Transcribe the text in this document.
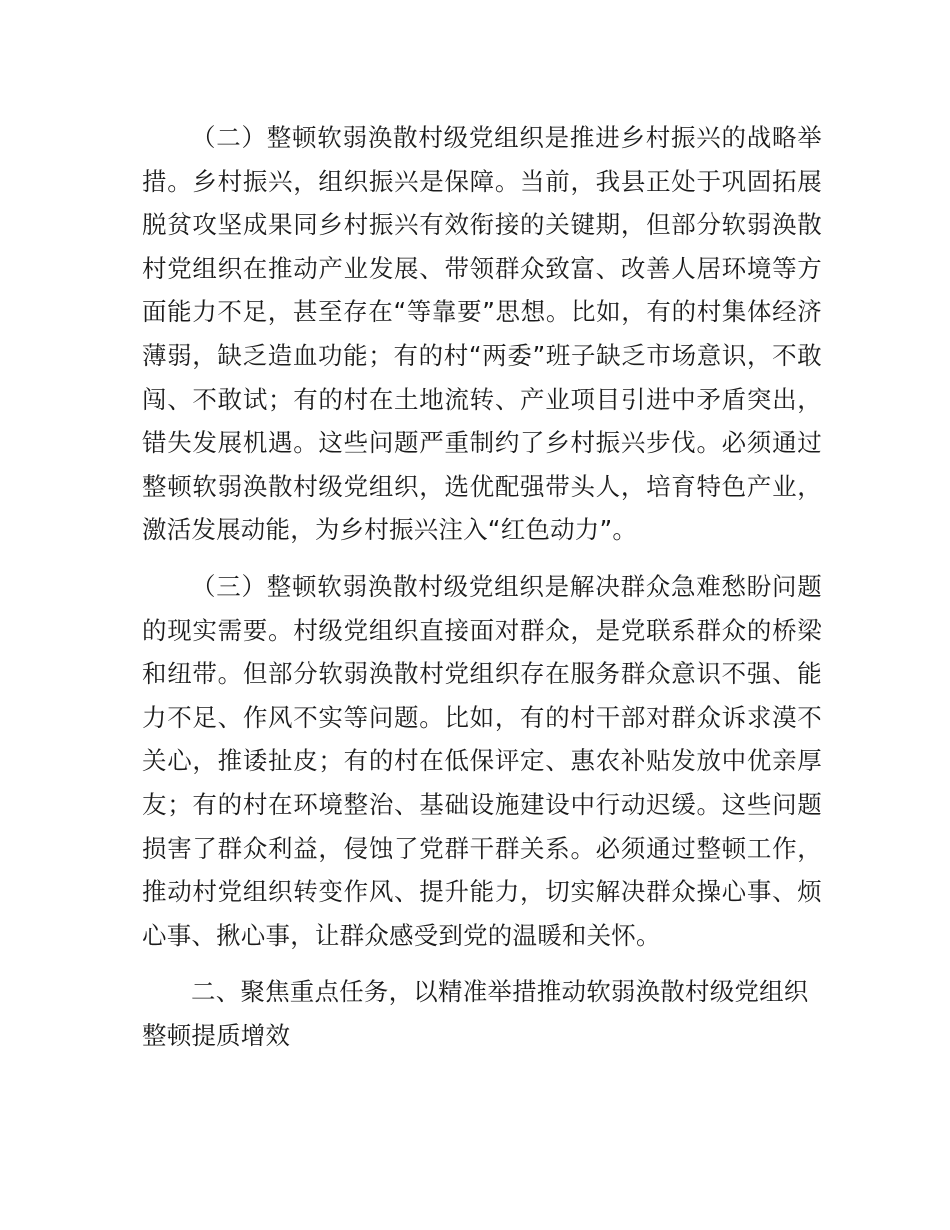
（二）整顿软弱涣散村级党组织是推进乡村振兴的战略举措。乡村振兴，组织振兴是保障。当前，我县正处于巩固拓展脱贫攻坚成果同乡村振兴有效衔接的关键期，但部分软弱涣散村党组织在推动产业发展、带领群众致富、改善人居环境等方面能力不足，甚至存在“等靠要”思想。比如，有的村集体经济薄弱，缺乏造血功能；有的村“两委”班子缺乏市场意识，不敢闯、不敢试；有的村在土地流转、产业项目引进中矛盾突出，错失发展机遇。这些问题严重制约了乡村振兴步伐。必须通过整顿软弱涣散村级党组织，选优配强带头人，培育特色产业，激活发展动能，为乡村振兴注入“红色动力”。

（三）整顿软弱涣散村级党组织是解决群众急难愁盼问题的现实需要。村级党组织直接面对群众，是党联系群众的桥梁和纽带。但部分软弱涣散村党组织存在服务群众意识不强、能力不足、作风不实等问题。比如，有的村干部对群众诉求漠不关心，推诿扯皮；有的村在低保评定、惠农补贴发放中优亲厚友；有的村在环境整治、基础设施建设中行动迟缓。这些问题损害了群众利益，侵蚀了党群干群关系。必须通过整顿工作，推动村党组织转变作风、提升能力，切实解决群众操心事、烦心事、揪心事，让群众感受到党的温暖和关怀。

二、聚焦重点任务，以精准举措推动软弱涣散村级党组织整顿提质增效
